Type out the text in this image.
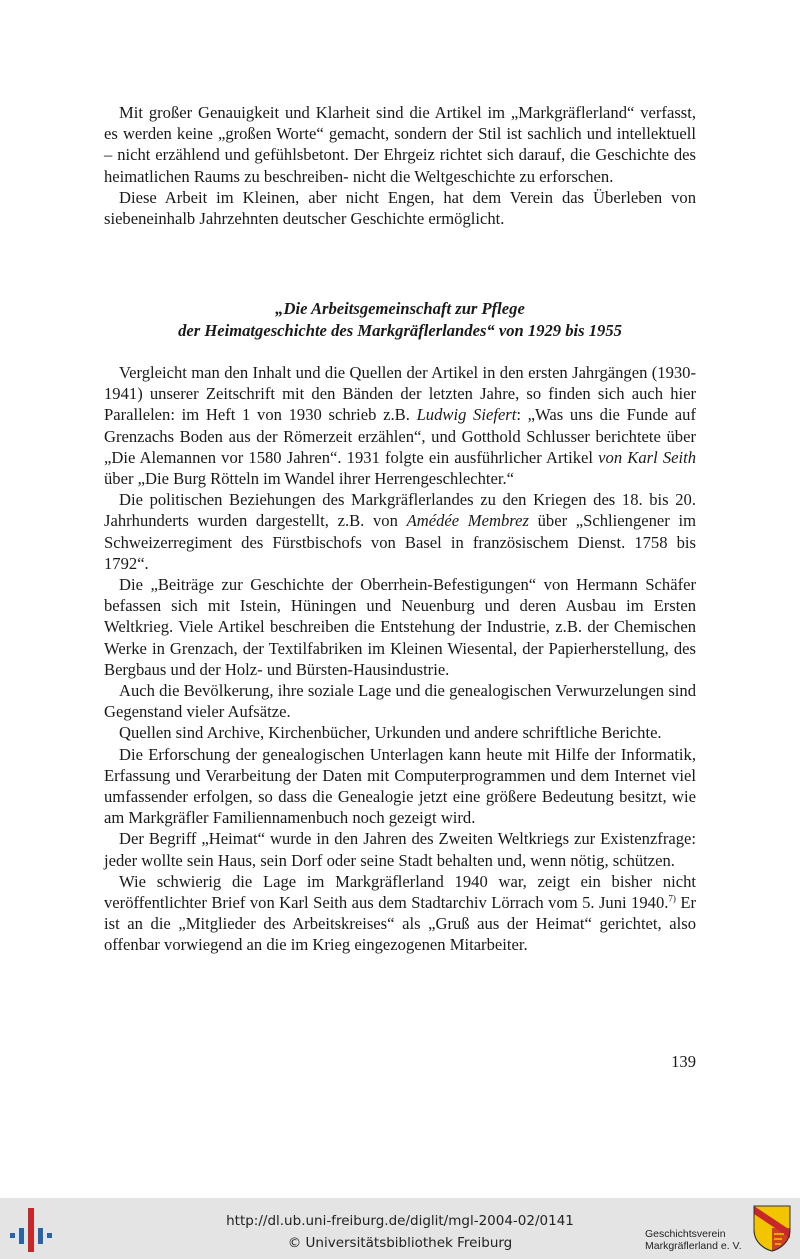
Mit großer Genauigkeit und Klarheit sind die Artikel im „Markgräflerland“ verfasst, es werden keine „großen Worte“ gemacht, sondern der Stil ist sachlich und intellektuell – nicht erzählend und gefühlsbetont. Der Ehrgeiz richtet sich darauf, die Geschichte des heimatlichen Raums zu beschreiben- nicht die Weltgeschichte zu erforschen.

Diese Arbeit im Kleinen, aber nicht Engen, hat dem Verein das Überleben von siebeneinhalb Jahrzehnten deutscher Geschichte ermöglicht.

„Die Arbeitsgemeinschaft zur Pflege
der Heimatgeschichte des Markgräflerlandes“ von 1929 bis 1955

Vergleicht man den Inhalt und die Quellen der Artikel in den ersten Jahrgängen (1930-1941) unserer Zeitschrift mit den Bänden der letzten Jahre, so finden sich auch hier Parallelen: im Heft 1 von 1930 schrieb z.B. Ludwig Siefert: „Was uns die Funde auf Grenzachs Boden aus der Römerzeit erzählen“, und Gotthold Schlusser berichtete über „Die Alemannen vor 1580 Jahren“. 1931 folgte ein ausführlicher Artikel von Karl Seith über „Die Burg Rötteln im Wandel ihrer Herrengeschlechter.“

Die politischen Beziehungen des Markgräflerlandes zu den Kriegen des 18. bis 20. Jahrhunderts wurden dargestellt, z.B. von Amédée Membrez über „Schliengener im Schweizerregiment des Fürstbischofs von Basel in französischem Dienst. 1758 bis 1792“.

Die „Beiträge zur Geschichte der Oberrhein-Befestigungen“ von Hermann Schäfer befassen sich mit Istein, Hüningen und Neuenburg und deren Ausbau im Ersten Weltkrieg. Viele Artikel beschreiben die Entstehung der Industrie, z.B. der Chemischen Werke in Grenzach, der Textilfabriken im Kleinen Wiesental, der Papierherstellung, des Bergbaus und der Holz- und Bürsten-Hausindustrie.

Auch die Bevölkerung, ihre soziale Lage und die genealogischen Verwurzelungen sind Gegenstand vieler Aufsätze.

Quellen sind Archive, Kirchenbücher, Urkunden und andere schriftliche Berichte.

Die Erforschung der genealogischen Unterlagen kann heute mit Hilfe der Informatik, Erfassung und Verarbeitung der Daten mit Computerprogrammen und dem Internet viel umfassender erfolgen, so dass die Genealogie jetzt eine größere Bedeutung besitzt, wie am Markgräfler Familiennamenbuch noch gezeigt wird.

Der Begriff „Heimat“ wurde in den Jahren des Zweiten Weltkriegs zur Existenzfrage: jeder wollte sein Haus, sein Dorf oder seine Stadt behalten und, wenn nötig, schützen.

Wie schwierig die Lage im Markgräflerland 1940 war, zeigt ein bisher nicht veröffentlichter Brief von Karl Seith aus dem Stadtarchiv Lörrach vom 5. Juni 1940.$^{7)}$ Er ist an die „Mitglieder des Arbeitskreises“ als „Gruß aus der Heimat“ gerichtet, also offenbar vorwiegend an die im Krieg eingezogenen Mitarbeiter.

139
http://dl.ub.uni-freiburg.de/diglit/mgl-2004-02/0141
© Universitätsbibliothek Freiburg
Geschichtsverein
Markgräflerland e. V.
